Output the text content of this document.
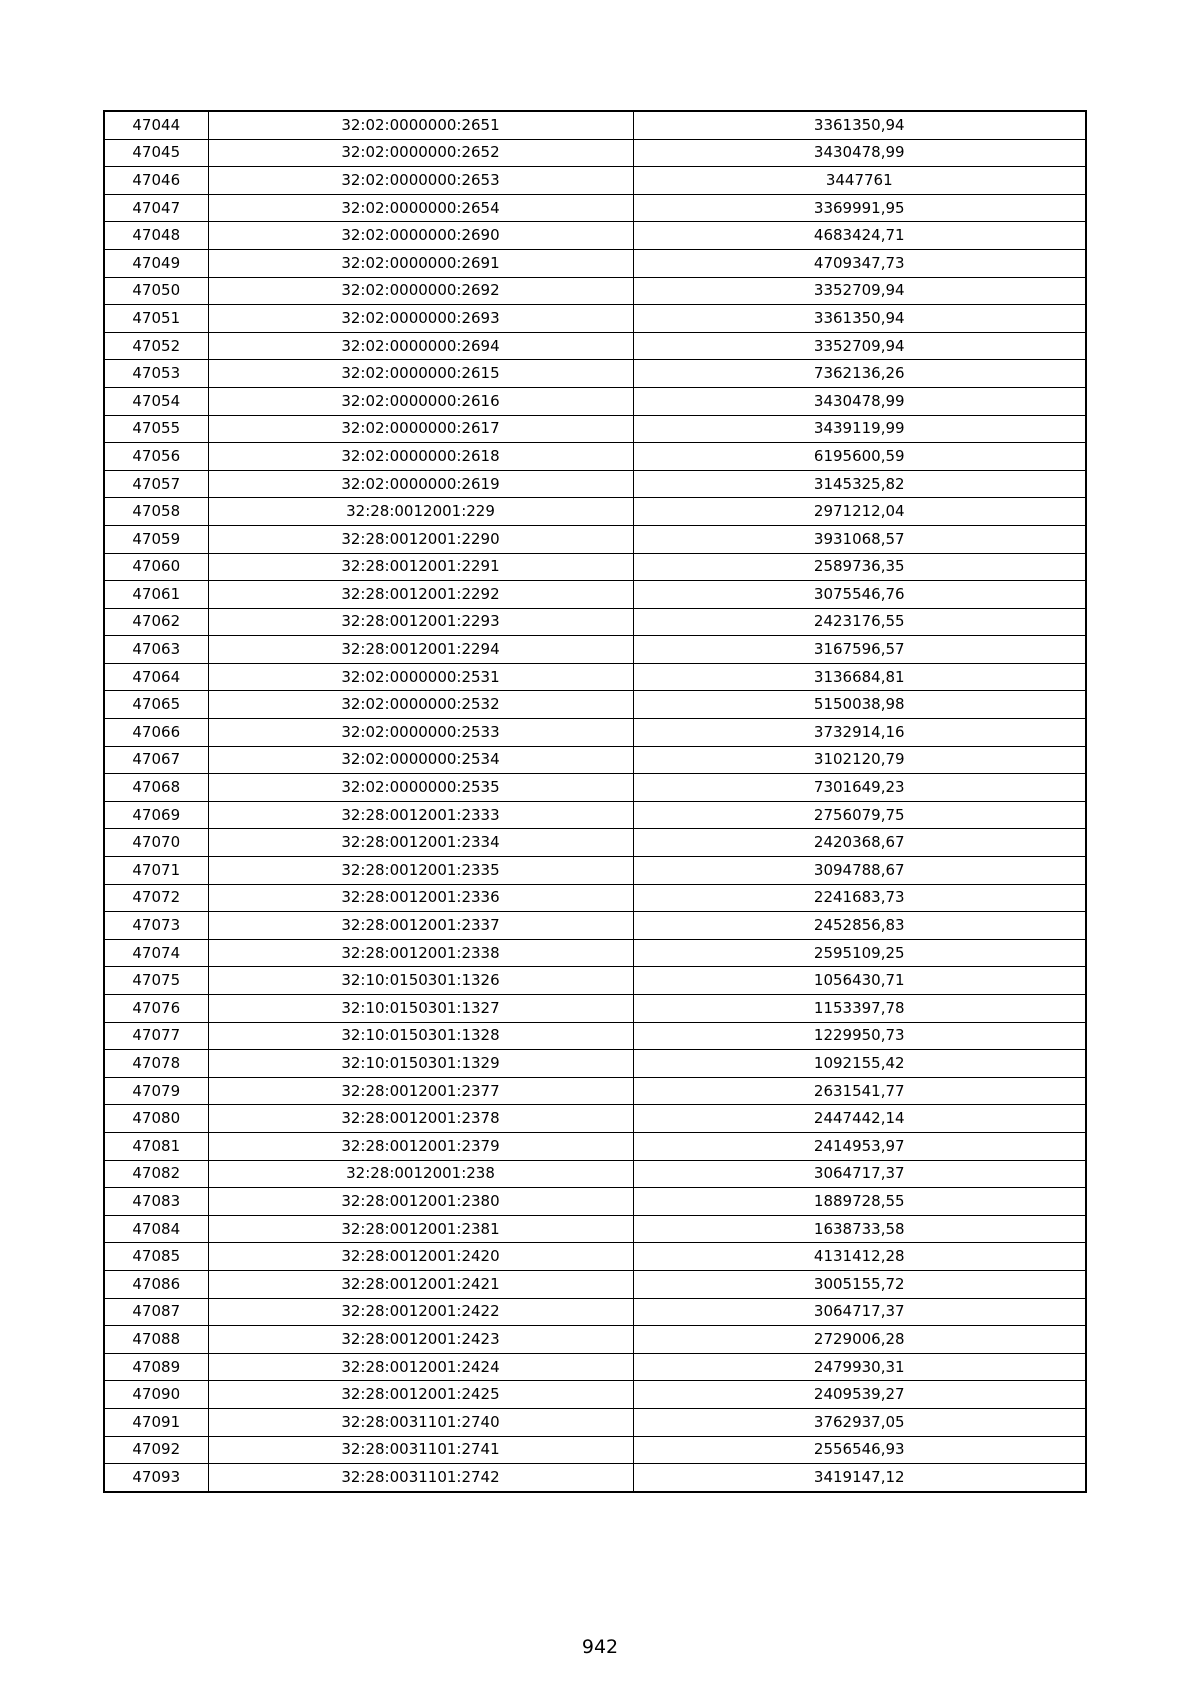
47044	32:02:0000000:2651	3361350,94
47045	32:02:0000000:2652	3430478,99
47046	32:02:0000000:2653	3447761
47047	32:02:0000000:2654	3369991,95
47048	32:02:0000000:2690	4683424,71
47049	32:02:0000000:2691	4709347,73
47050	32:02:0000000:2692	3352709,94
47051	32:02:0000000:2693	3361350,94
47052	32:02:0000000:2694	3352709,94
47053	32:02:0000000:2615	7362136,26
47054	32:02:0000000:2616	3430478,99
47055	32:02:0000000:2617	3439119,99
47056	32:02:0000000:2618	6195600,59
47057	32:02:0000000:2619	3145325,82
47058	32:28:0012001:229	2971212,04
47059	32:28:0012001:2290	3931068,57
47060	32:28:0012001:2291	2589736,35
47061	32:28:0012001:2292	3075546,76
47062	32:28:0012001:2293	2423176,55
47063	32:28:0012001:2294	3167596,57
47064	32:02:0000000:2531	3136684,81
47065	32:02:0000000:2532	5150038,98
47066	32:02:0000000:2533	3732914,16
47067	32:02:0000000:2534	3102120,79
47068	32:02:0000000:2535	7301649,23
47069	32:28:0012001:2333	2756079,75
47070	32:28:0012001:2334	2420368,67
47071	32:28:0012001:2335	3094788,67
47072	32:28:0012001:2336	2241683,73
47073	32:28:0012001:2337	2452856,83
47074	32:28:0012001:2338	2595109,25
47075	32:10:0150301:1326	1056430,71
47076	32:10:0150301:1327	1153397,78
47077	32:10:0150301:1328	1229950,73
47078	32:10:0150301:1329	1092155,42
47079	32:28:0012001:2377	2631541,77
47080	32:28:0012001:2378	2447442,14
47081	32:28:0012001:2379	2414953,97
47082	32:28:0012001:238	3064717,37
47083	32:28:0012001:2380	1889728,55
47084	32:28:0012001:2381	1638733,58
47085	32:28:0012001:2420	4131412,28
47086	32:28:0012001:2421	3005155,72
47087	32:28:0012001:2422	3064717,37
47088	32:28:0012001:2423	2729006,28
47089	32:28:0012001:2424	2479930,31
47090	32:28:0012001:2425	2409539,27
47091	32:28:0031101:2740	3762937,05
47092	32:28:0031101:2741	2556546,93
47093	32:28:0031101:2742	3419147,12
942
